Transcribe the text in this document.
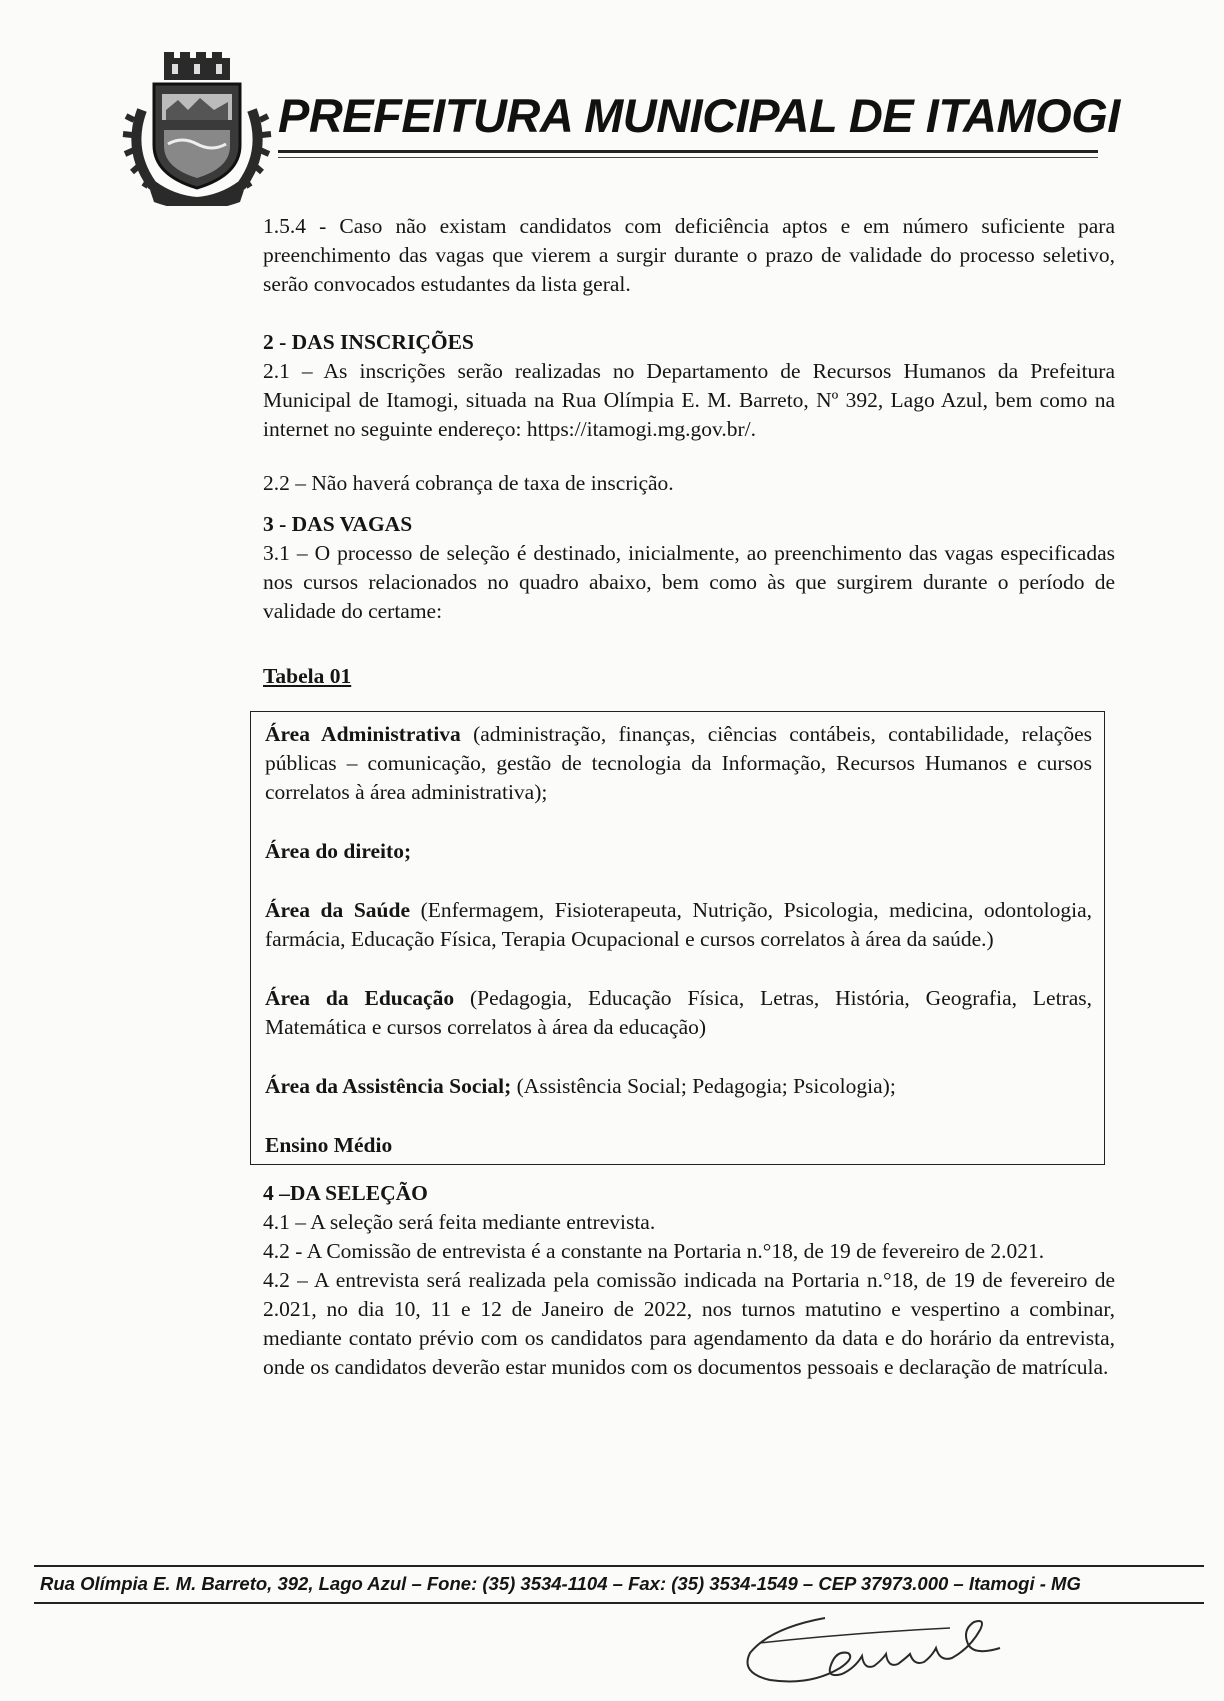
PREFEITURA MUNICIPAL DE ITAMOGI

1.5.4 - Caso não existam candidatos com deficiência aptos e em número suficiente para preenchimento das vagas que vierem a surgir durante o prazo de validade do processo seletivo, serão convocados estudantes da lista geral.

2 - DAS INSCRIÇÕES

2.1 – As inscrições serão realizadas no Departamento de Recursos Humanos da Prefeitura Municipal de Itamogi, situada na Rua Olímpia E. M. Barreto, Nº 392, Lago Azul, bem como na internet no seguinte endereço: https://itamogi.mg.gov.br/.

2.2 – Não haverá cobrança de taxa de inscrição.

3 - DAS VAGAS

3.1 – O processo de seleção é destinado, inicialmente, ao preenchimento das vagas especificadas nos cursos relacionados no quadro abaixo, bem como às que surgirem durante o período de validade do certame:

Tabela 01

Área Administrativa (administração, finanças, ciências contábeis, contabilidade, relações públicas – comunicação, gestão de tecnologia da Informação, Recursos Humanos e cursos correlatos à área administrativa);

Área do direito;

Área da Saúde (Enfermagem, Fisioterapeuta, Nutrição, Psicologia, medicina, odontologia, farmácia, Educação Física, Terapia Ocupacional e cursos correlatos à área da saúde.)

Área da Educação (Pedagogia, Educação Física, Letras, História, Geografia, Letras, Matemática e cursos correlatos à área da educação)

Área da Assistência Social; (Assistência Social; Pedagogia; Psicologia);

Ensino Médio

4 –DA SELEÇÃO

4.1 – A seleção será feita mediante entrevista.

4.2 - A Comissão de entrevista é a constante na Portaria n.°18, de 19 de fevereiro de 2.021.

4.2 – A entrevista será realizada pela comissão indicada na Portaria n.°18, de 19 de fevereiro de 2.021, no dia 10, 11 e 12 de Janeiro de 2022, nos turnos matutino e vespertino a combinar, mediante contato prévio com os candidatos para agendamento da data e do horário da entrevista, onde os candidatos deverão estar munidos com os documentos pessoais e declaração de matrícula.

Rua Olímpia E. M. Barreto, 392, Lago Azul – Fone: (35) 3534-1104 – Fax: (35) 3534-1549 – CEP 37973.000 – Itamogi - MG
